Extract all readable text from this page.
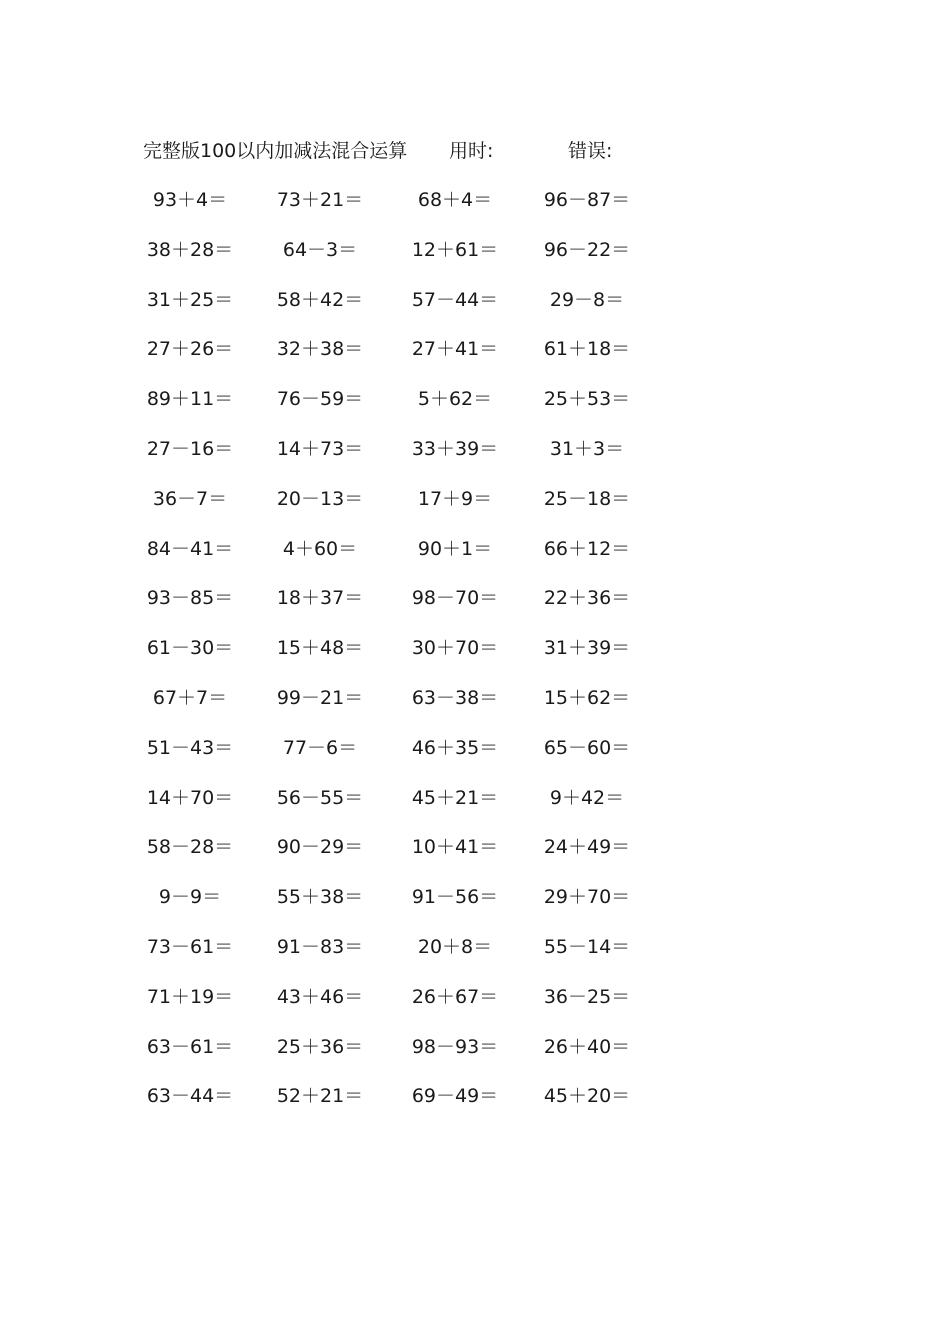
完整版100以内加减法混合运算 用时:	错误:
93＋4＝	73＋21＝	68＋4＝	96－87＝
38＋28＝	64－3＝	12＋61＝	96－22＝
31＋25＝	58＋42＝	57－44＝	29－8＝
27＋26＝	32＋38＝	27＋41＝	61＋18＝
89＋11＝	76－59＝	5＋62＝	25＋53＝
27－16＝	14＋73＝	33＋39＝	31＋3＝
36－7＝	20－13＝	17＋9＝	25－18＝
84－41＝	4＋60＝	90＋1＝	66＋12＝
93－85＝	18＋37＝	98－70＝	22＋36＝
61－30＝	15＋48＝	30＋70＝	31＋39＝
67＋7＝	99－21＝	63－38＝	15＋62＝
51－43＝	77－6＝	46＋35＝	65－60＝
14＋70＝	56－55＝	45＋21＝	9＋42＝
58－28＝	90－29＝	10＋41＝	24＋49＝
9－9＝	55＋38＝	91－56＝	29＋70＝
73－61＝	91－83＝	20＋8＝	55－14＝
71＋19＝	43＋46＝	26＋67＝	36－25＝
63－61＝	25＋36＝	98－93＝	26＋40＝
63－44＝	52＋21＝	69－49＝	45＋20＝
